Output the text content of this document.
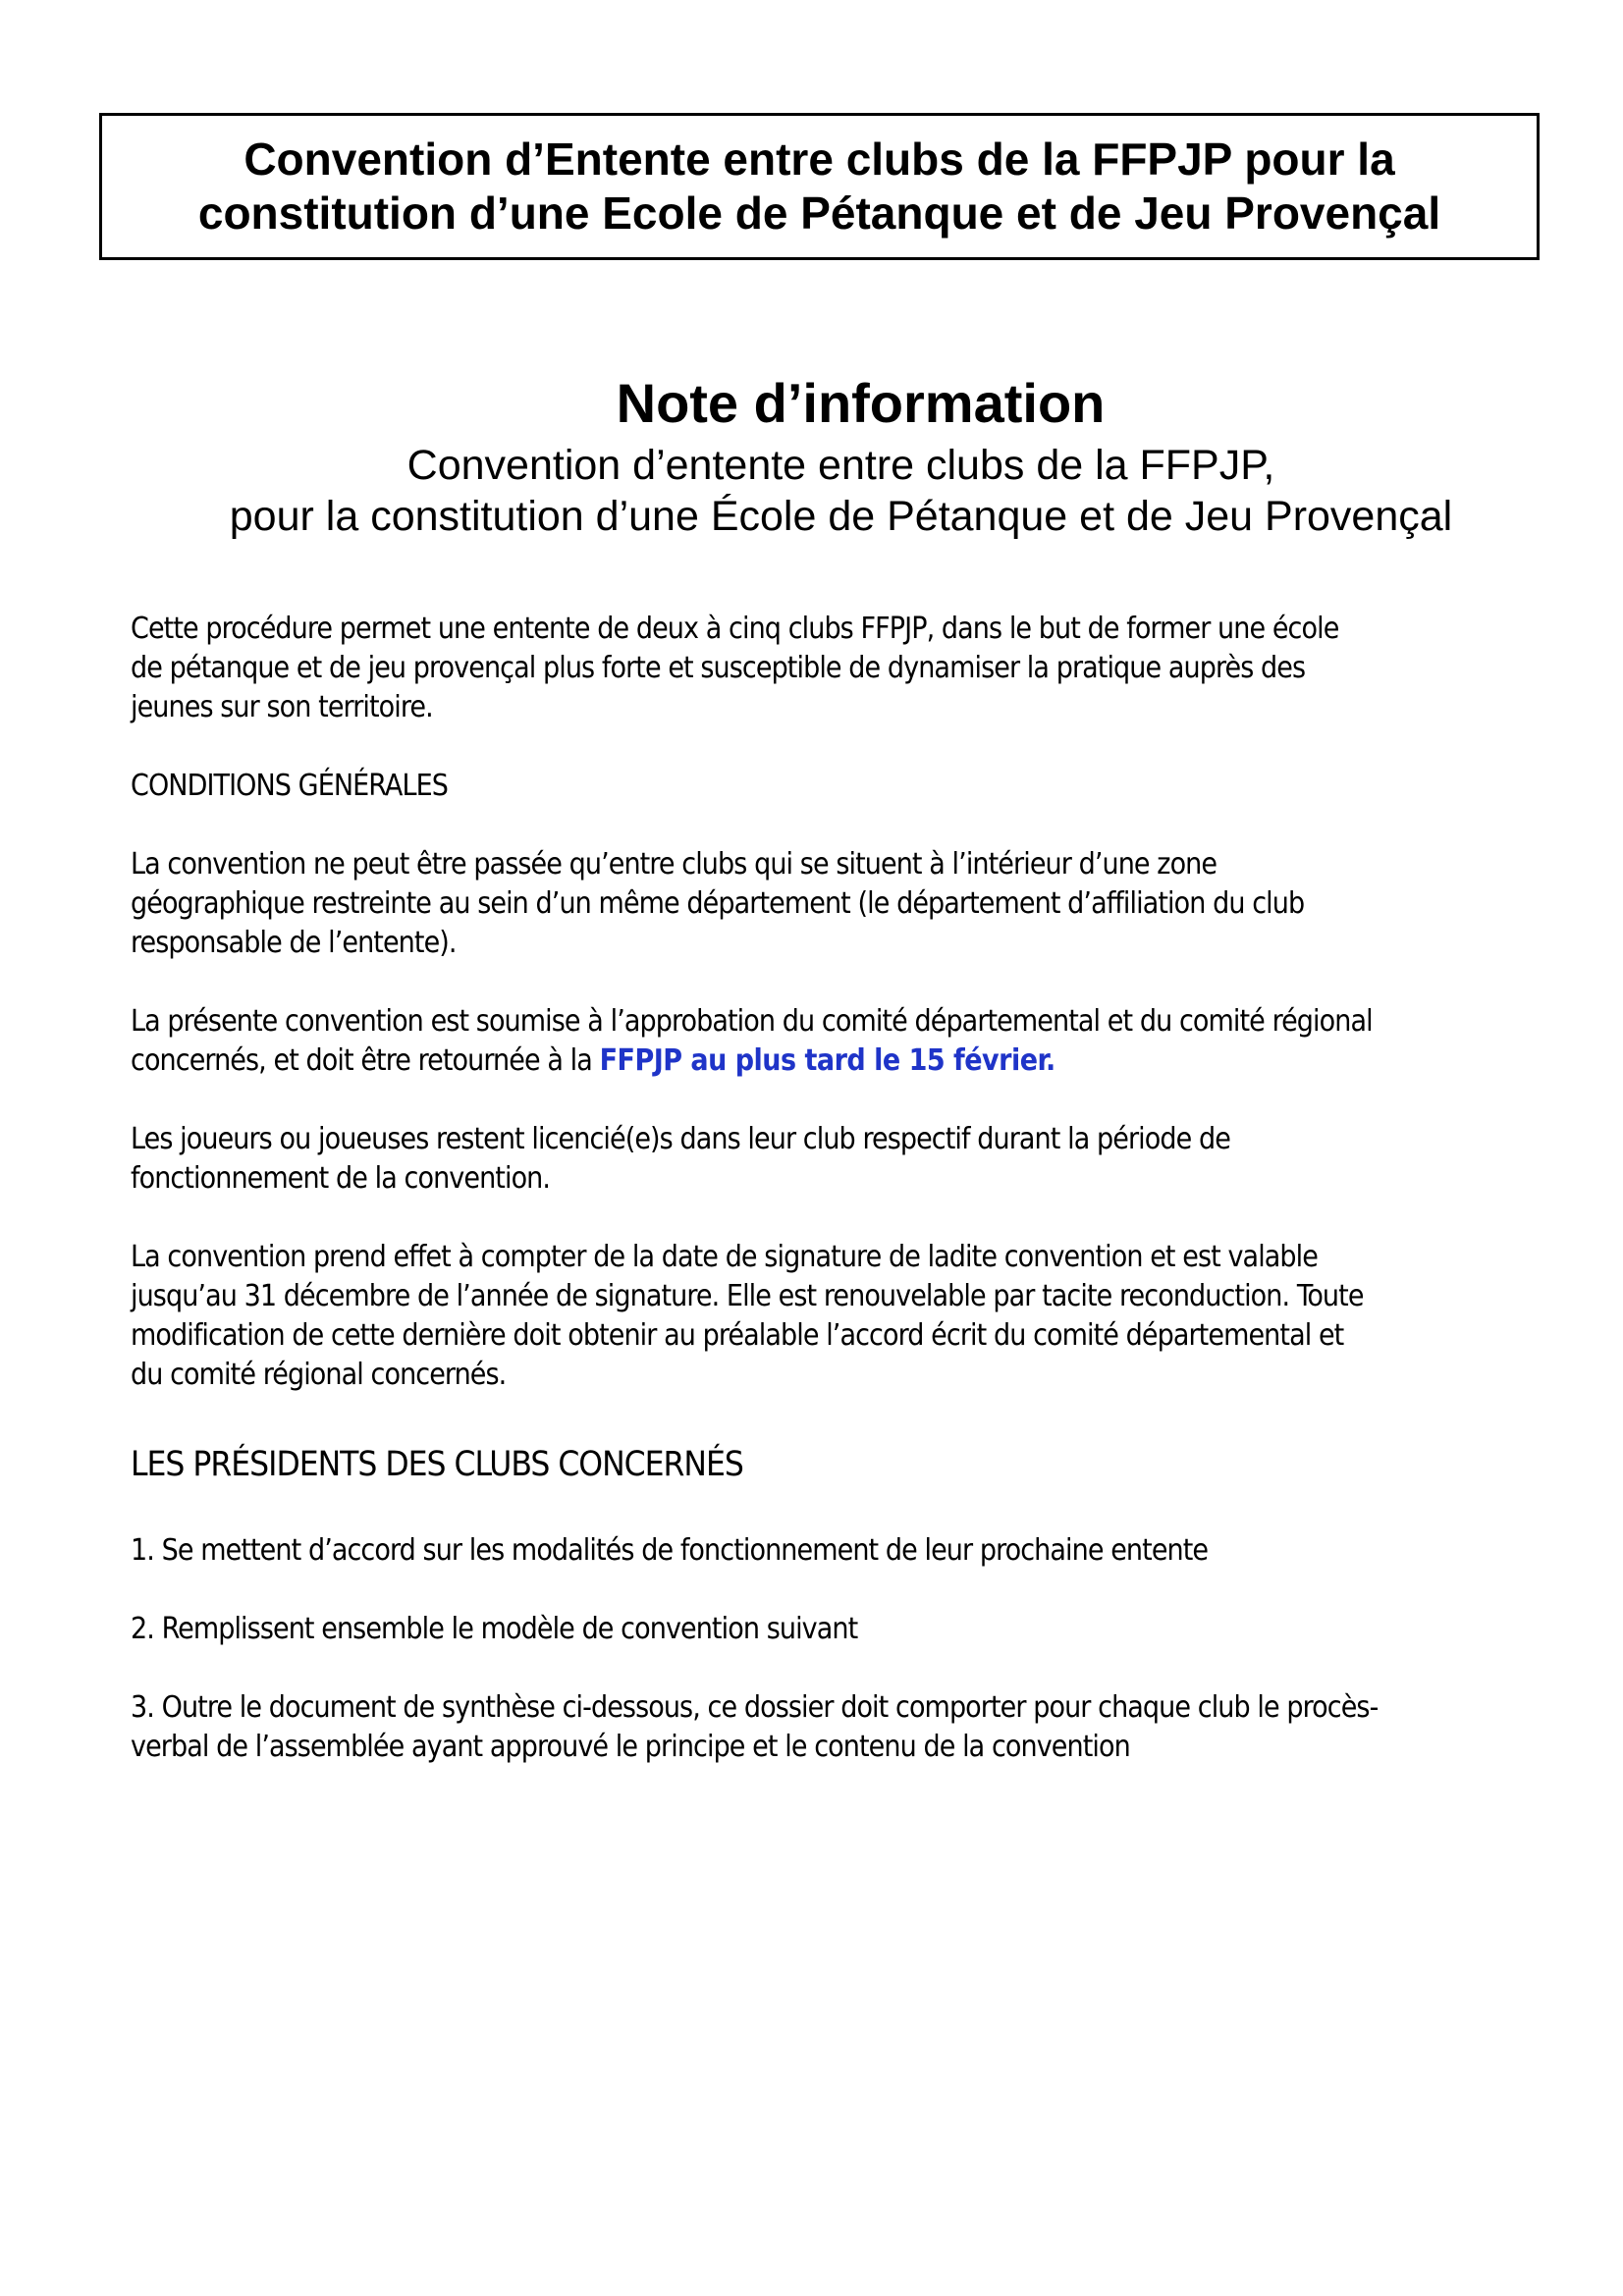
Convention d’Entente entre clubs de la FFPJP pour la
constitution d’une Ecole de Pétanque et de Jeu Provençal
Note d’information
Convention d’entente entre clubs de la FFPJP,
pour la constitution d’une École de Pétanque et de Jeu Provençal

Cette procédure permet une entente de deux à cinq clubs FFPJP, dans le but de former une école

de pétanque et de jeu provençal plus forte et susceptible de dynamiser la pratique auprès des

jeunes sur son territoire.

CONDITIONS GÉNÉRALES

La convention ne peut être passée qu’entre clubs qui se situent à l’intérieur d’une zone

géographique restreinte au sein d’un même département (le département d’affiliation du club

responsable de l’entente).

La présente convention est soumise à l’approbation du comité départemental et du comité régional

concernés, et doit être retournée à la FFPJP au plus tard le 15 février.

Les joueurs ou joueuses restent licencié(e)s dans leur club respectif durant la période de

fonctionnement de la convention.

La convention prend effet à compter de la date de signature de ladite convention et est valable

jusqu’au 31 décembre de l’année de signature. Elle est renouvelable par tacite reconduction. Toute

modification de cette dernière doit obtenir au préalable l’accord écrit du comité départemental et

du comité régional concernés.

LES PRÉSIDENTS DES CLUBS CONCERNÉS

1. Se mettent d’accord sur les modalités de fonctionnement de leur prochaine entente

2. Remplissent ensemble le modèle de convention suivant

3. Outre le document de synthèse ci-dessous, ce dossier doit comporter pour chaque club le procès-

verbal de l’assemblée ayant approuvé le principe et le contenu de la convention
